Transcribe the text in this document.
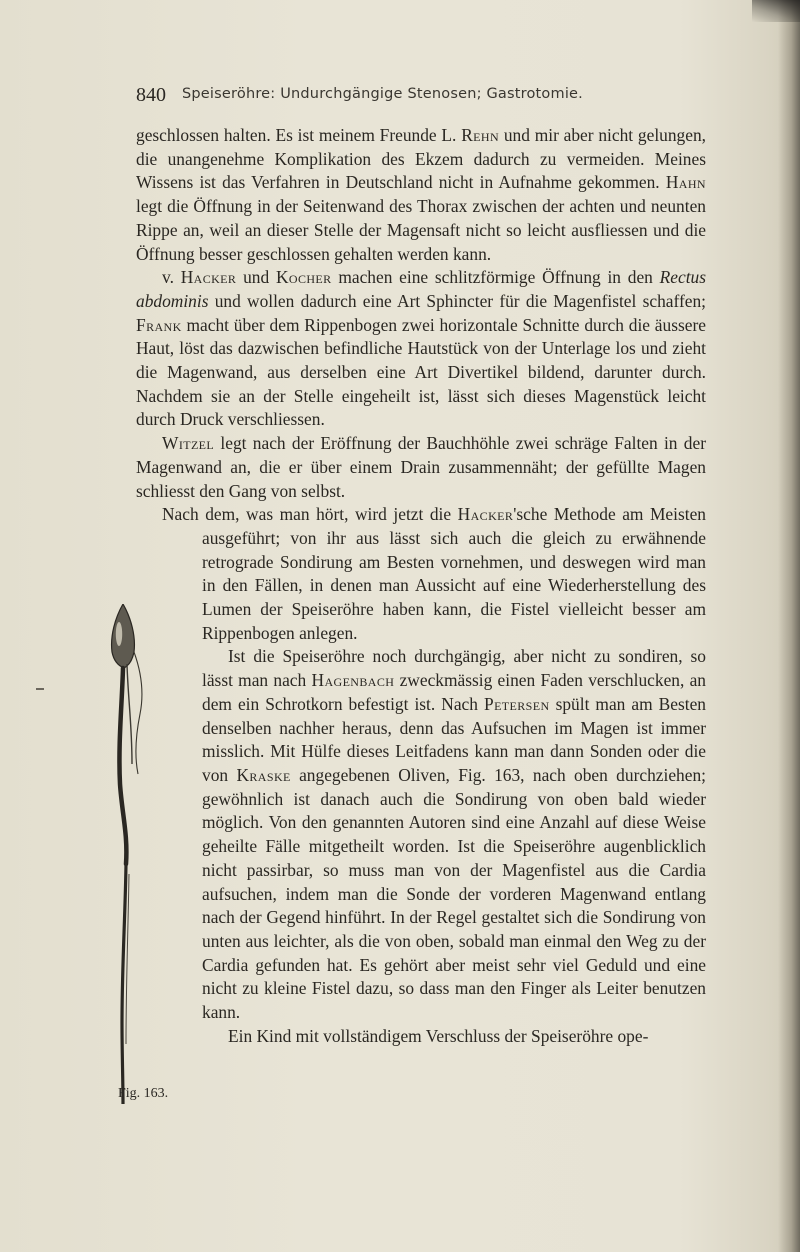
840 Speiseröhre: Undurchgängige Stenosen; Gastrotomie.
Fig. 163.

geschlossen halten. Es ist meinem Freunde L. Rehn und mir aber nicht gelungen, die unangenehme Komplikation des Ekzem dadurch zu vermeiden. Meines Wissens ist das Verfahren in Deutschland nicht in Aufnahme gekommen. Hahn legt die Öffnung in der Seitenwand des Thorax zwischen der achten und neunten Rippe an, weil an dieser Stelle der Magensaft nicht so leicht ausfliessen und die Öffnung besser geschlossen gehalten werden kann.

v. Hacker und Kocher machen eine schlitzförmige Öffnung in den Rectus abdominis und wollen dadurch eine Art Sphincter für die Magenfistel schaffen; Frank macht über dem Rippenbogen zwei horizontale Schnitte durch die äussere Haut, löst das dazwischen befindliche Hautstück von der Unterlage los und zieht die Magenwand, aus derselben eine Art Divertikel bildend, darunter durch. Nachdem sie an der Stelle eingeheilt ist, lässt sich dieses Magenstück leicht durch Druck verschliessen.

Witzel legt nach der Eröffnung der Bauchhöhle zwei schräge Falten in der Magenwand an, die er über einem Drain zusammennäht; der gefüllte Magen schliesst den Gang von selbst.

Nach dem, was man hört, wird jetzt die Hacker'sche Methode am Meisten ausgeführt; von ihr aus lässt sich auch die
gleich zu erwähnende retrograde Sondirung am Besten vornehmen, und deswegen wird man in den Fällen, in denen man Aussicht auf eine Wiederherstellung des Lumen der Speiseröhre haben kann, die Fistel vielleicht besser am Rippenbogen anlegen.

Ist die Speiseröhre noch durchgängig, aber nicht zu sondiren, so lässt man nach Hagenbach zweckmässig einen Faden verschlucken, an dem ein Schrotkorn befestigt ist. Nach Petersen spült man am Besten denselben nachher heraus, denn das Aufsuchen im Magen ist immer misslich. Mit Hülfe dieses Leitfadens kann man dann Sonden oder die von Kraske angegebenen Oliven, Fig. 163, nach oben durchziehen; gewöhnlich ist danach auch die Sondirung von oben bald wieder möglich. Von den genannten Autoren sind eine Anzahl auf diese Weise geheilte Fälle mitgetheilt worden. Ist die Speiseröhre augenblicklich nicht passirbar, so muss man von der Magenfistel aus die Cardia aufsuchen, indem man die Sonde der vorderen Magenwand entlang nach der Gegend hinführt. In der Regel gestaltet sich die Sondirung von unten aus leichter, als die von oben, sobald man einmal den Weg zu der Cardia gefunden hat. Es gehört aber meist sehr viel Geduld und eine nicht zu kleine Fistel dazu, so dass man den Finger als Leiter benutzen kann.

Ein Kind mit vollständigem Verschluss der Speiseröhre ope-
